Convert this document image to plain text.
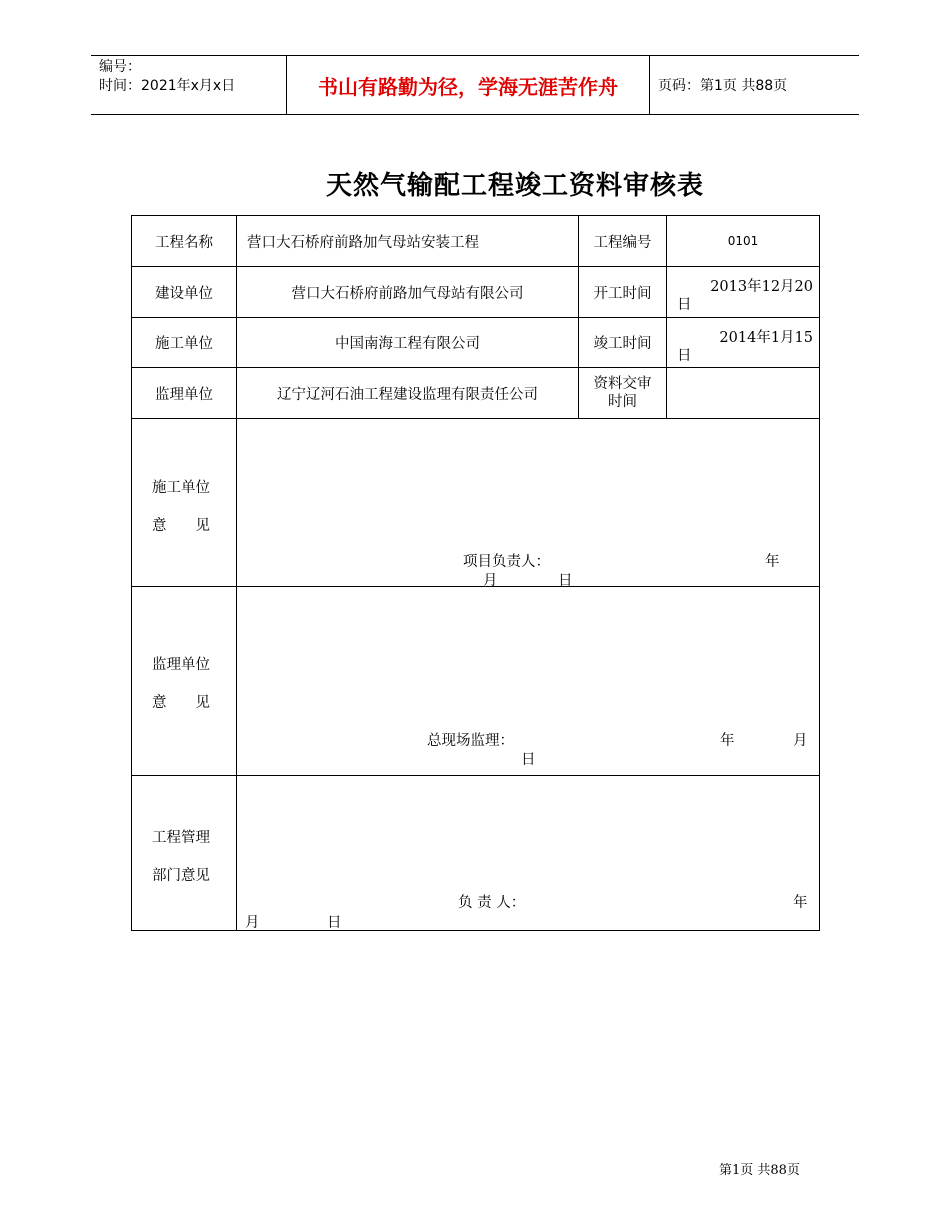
编号：
时间：2021年x月x日	书山有路勤为径，学海无涯苦作舟	页码：第1页 共88页
天然气输配工程竣工资料审核表
工程名称	营口大石桥府前路加气母站安装工程	工程编号	0101
建设单位	营口大石桥府前路加气母站有限公司	开工时间	2013年12月20
日

施工单位	中国南海工程有限公司	竣工时间	2014年1月15
日

监理单位	辽宁辽河石油工程建设监理有限责任公司	资料交审
时间	

施工单位
意　　见	项目负责人： 年
月 日		

监理单位
意　　见	总现场监理： 年 月
日		

工程管理
部门意见	负 责 人： 年
月 日		
第1页 共88页
